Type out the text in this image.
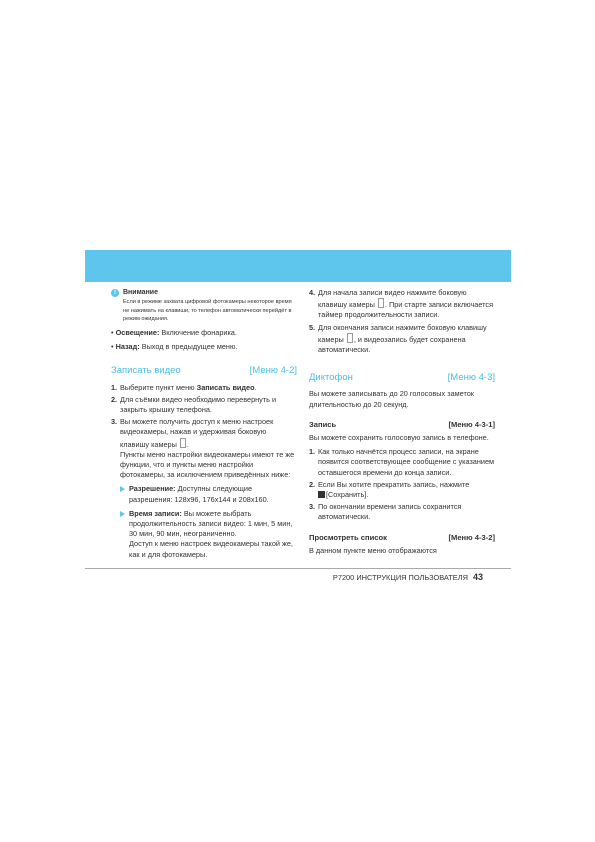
!	Внимание
Если в режиме захвата цифровой фотокамеры некоторое время не нажимать на клавиши, то телефон автоматически перейдёт в режим ожидания.
• Освещение: Включение фонарика.
• Назад: Выход в предыдущее меню.
Записать видео	[Меню 4-2]
1. Выберите пункт меню Записать видео.
2. Для съёмки видео необходимо перевернуть и закрыть крышку телефона.
3. Вы можете получить доступ к меню настроек видеокамеры, нажав и удерживая боковую клавишу камеры .

Пункты меню настройки видеокамеры имеют те же функции, что и пункты меню настройки фотокамеры, за исключением приведённых ниже:

Разрешение: Доступны следующие разрешения: 128x96, 176x144 и 208x160.
Время записи: Вы можете выбрать продолжительность записи видео: 1 мин, 5 мин, 30 мин, 90 мин, неограниченно.
Доступ к меню настроек видеокамеры такой же, как и для фотокамеры.
4. Для начала записи видео нажмите боковую клавишу камеры . При старте записи включается таймер продолжительности записи.
5. Для окончания записи нажмите боковую клавишу камеры , и видеозапись будет сохранена автоматически.
Диктофон	[Меню 4-3]

Вы можете записывать до 20 голосовых заметок длительностью до 20 секунд.

Запись	[Меню 4-3-1]

Вы можете сохранить голосовую запись в телефоне.

1. Как только начнётся процесс записи, на экране появится соответствующее сообщение с указанием оставшегося времени до конца записи.
2. Если Вы хотите прекратить запись, нажмите
[Сохранить].
3. По окончании времени запись сохранится автоматически.
Просмотреть список	[Меню 4-3-2]

В данном пункте меню отображаются

P7200 ИНСТРУКЦИЯ ПОЛЬЗОВАТЕЛЯ 43
